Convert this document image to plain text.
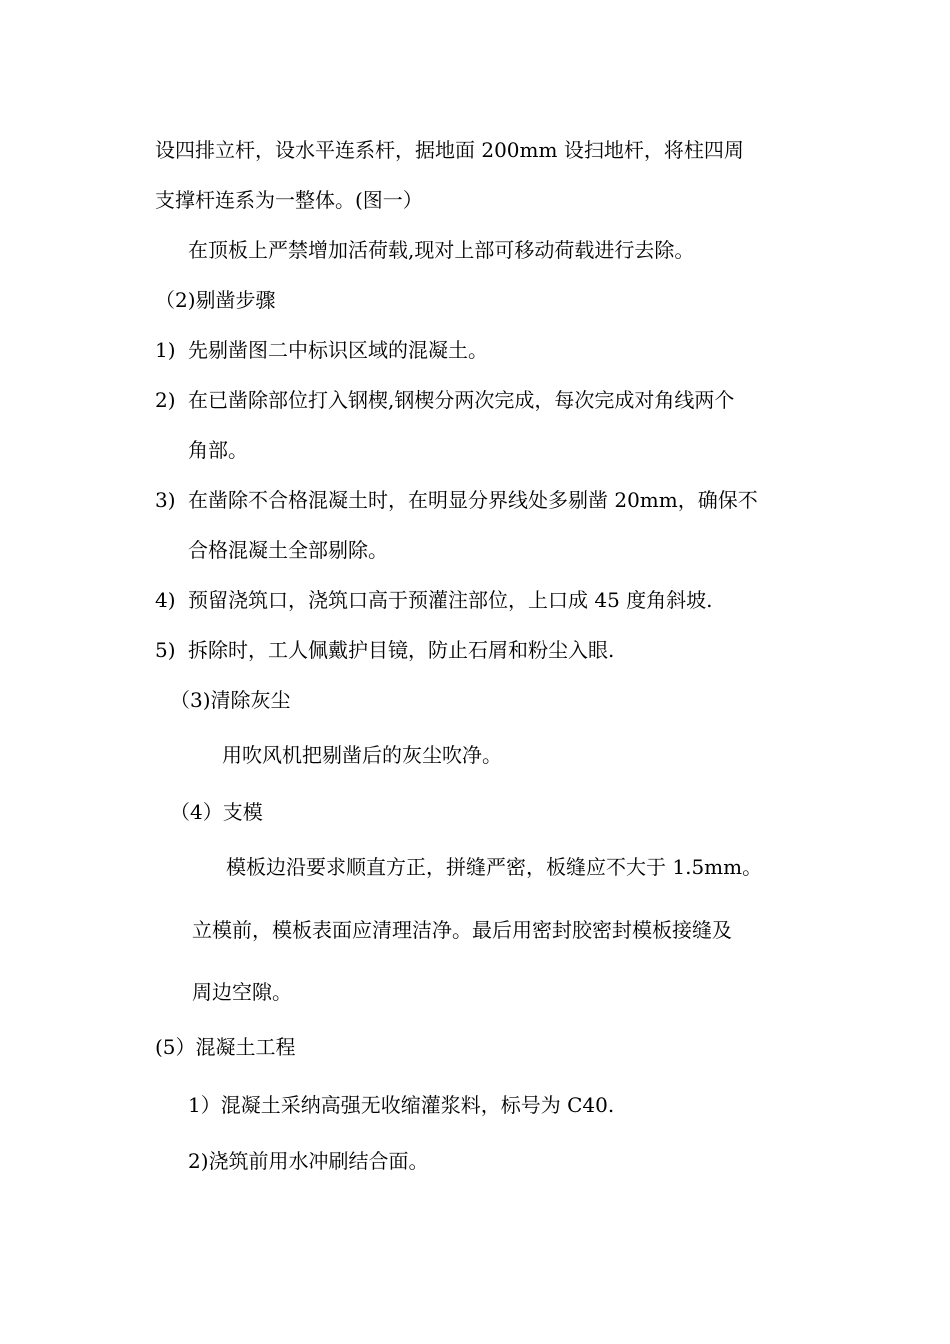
设四排立杆，设水平连系杆，据地面 200mm 设扫地杆，将柱四周
支撑杆连系为一整体。(图一）
在顶板上严禁增加活荷载,现对上部可移动荷载进行去除。
（2)剔凿步骤
1) 先剔凿图二中标识区域的混凝土。
2) 在已凿除部位打入钢楔,钢楔分两次完成，每次完成对角线两个
角部。
3) 在凿除不合格混凝土时，在明显分界线处多剔凿 20mm，确保不
合格混凝土全部剔除。
4) 预留浇筑口，浇筑口高于预灌注部位，上口成 45 度角斜坡.
5) 拆除时，工人佩戴护目镜，防止石屑和粉尘入眼.
（3)清除灰尘
用吹风机把剔凿后的灰尘吹净。
（4）支模
模板边沿要求顺直方正，拼缝严密，板缝应不大于 1.5mm。
立模前，模板表面应清理洁净。最后用密封胶密封模板接缝及
周边空隙。
(5）混凝土工程
1）混凝土采纳高强无收缩灌浆料，标号为 C40.
2)浇筑前用水冲刷结合面。
